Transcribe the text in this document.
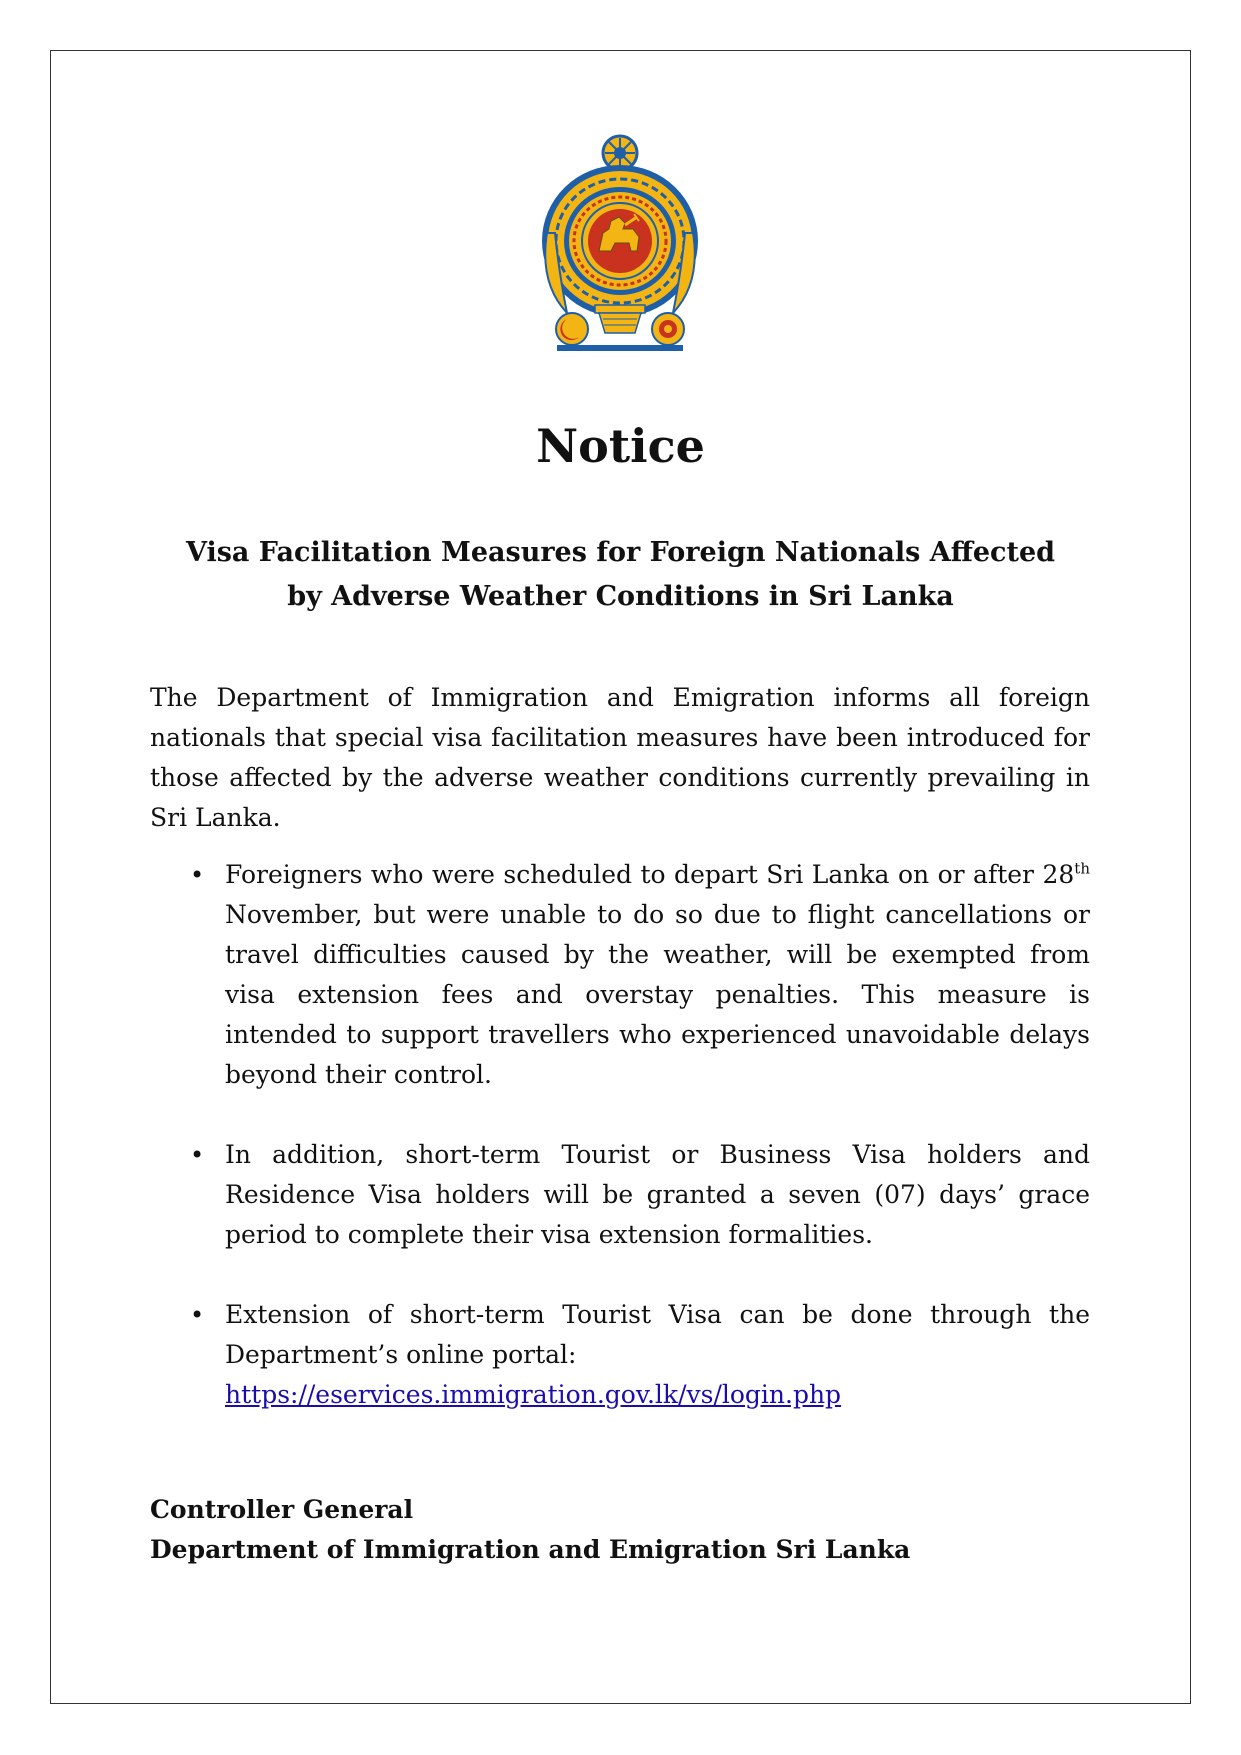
Notice
Visa Facilitation Measures for Foreign Nationals Affected
by Adverse Weather Conditions in Sri Lanka

The Department of Immigration and Emigration informs all foreign nationals that special visa facilitation measures have been introduced for those affected by the adverse weather conditions currently prevailing in Sri Lanka.

• Foreigners who were scheduled to depart Sri Lanka on or after 28th November, but were unable to do so due to flight cancellations or travel difficulties caused by the weather, will be exempted from visa extension fees and overstay penalties. This measure is intended to support travellers who experienced unavoidable delays beyond their control.
• In addition, short-term Tourist or Business Visa holders and Residence Visa holders will be granted a seven (07) days’ grace period to complete their visa extension formalities.
• Extension of short-term Tourist Visa can be done through the Department’s online portal:
https://eservices.immigration.gov.lk/vs/login.php
Controller General
Department of Immigration and Emigration Sri Lanka
